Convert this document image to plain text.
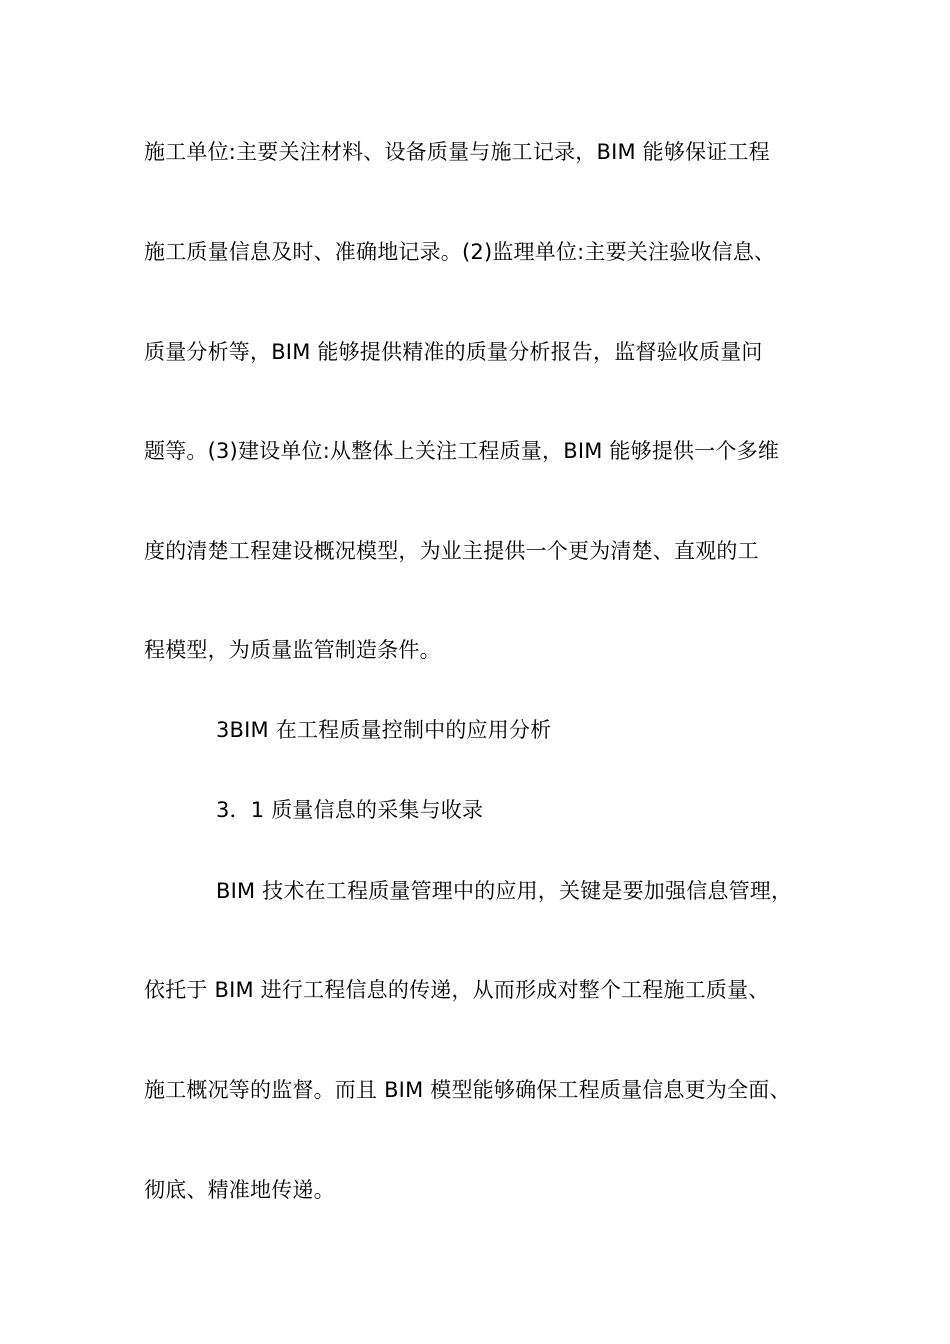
施工单位:主要关注材料、设备质量与施工记录，BIM 能够保证工程
施工质量信息及时、准确地记录。(2)监理单位:主要关注验收信息、
质量分析等，BIM 能够提供精准的质量分析报告，监督验收质量问
题等。(3)建设单位:从整体上关注工程质量，BIM 能够提供一个多维
度的清楚工程建设概况模型，为业主提供一个更为清楚、直观的工
程模型，为质量监管制造条件。
3BIM 在工程质量控制中的应用分析
3．1 质量信息的采集与收录
BIM 技术在工程质量管理中的应用，关键是要加强信息管理，
依托于 BIM 进行工程信息的传递，从而形成对整个工程施工质量、
施工概况等的监督。而且 BIM 模型能够确保工程质量信息更为全面、
彻底、精准地传递。
